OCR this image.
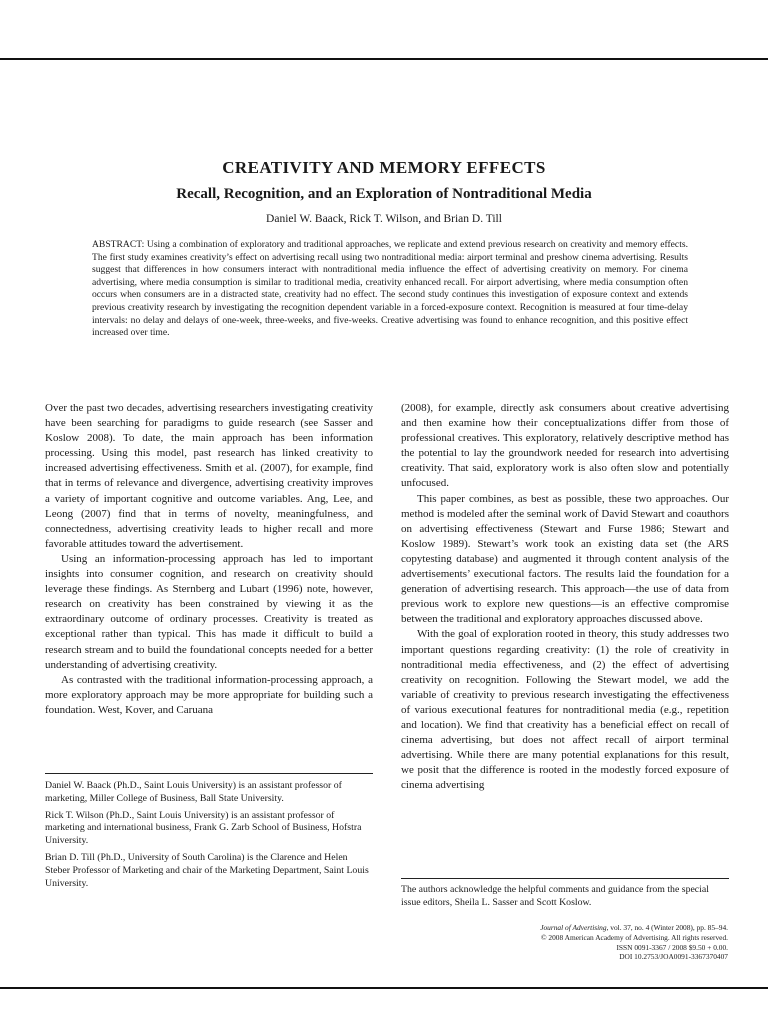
CREATIVITY AND MEMORY EFFECTS
Recall, Recognition, and an Exploration of Nontraditional Media
Daniel W. Baack, Rick T. Wilson, and Brian D. Till

ABSTRACT: Using a combination of exploratory and traditional approaches, we replicate and extend previous research on creativity and memory effects. The first study examines creativity’s effect on advertising recall using two nontraditional media: airport terminal and preshow cinema advertising. Results suggest that differences in how consumers interact with nontraditional media influence the effect of advertising creativity on memory. For cinema advertising, where media consumption is similar to traditional media, creativity enhanced recall. For airport advertising, where media consumption often occurs when consumers are in a distracted state, creativity had no effect. The second study continues this investigation of exposure context and extends previous creativity research by investigating the recognition dependent variable in a forced-exposure context. Recognition is measured at four time-delay intervals: no delay and delays of one-week, three-weeks, and five-weeks. Creative advertising was found to enhance recognition, and this positive effect increased over time.

Over the past two decades, advertising researchers investigating creativity have been searching for paradigms to guide research (see Sasser and Koslow 2008). To date, the main approach has been information processing. Using this model, past research has linked creativity to increased advertising effectiveness. Smith et al. (2007), for example, find that in terms of relevance and divergence, advertising creativity improves a variety of important cognitive and outcome variables. Ang, Lee, and Leong (2007) find that in terms of novelty, meaningfulness, and connectedness, advertising creativity leads to higher recall and more favorable attitudes toward the advertisement.

Using an information-processing approach has led to important insights into consumer cognition, and research on creativity should leverage these findings. As Sternberg and Lubart (1996) note, however, research on creativity has been constrained by viewing it as the extraordinary outcome of ordinary processes. Creativity is treated as exceptional rather than typical. This has made it difficult to build a research stream and to build the foundational concepts needed for a better understanding of advertising creativity.

As contrasted with the traditional information-processing approach, a more exploratory approach may be more appropriate for building such a foundation. West, Kover, and Caruana

(2008), for example, directly ask consumers about creative advertising and then examine how their conceptualizations differ from those of professional creatives. This exploratory, relatively descriptive method has the potential to lay the groundwork needed for research into advertising creativity. That said, exploratory work is also often slow and potentially unfocused.

This paper combines, as best as possible, these two approaches. Our method is modeled after the seminal work of David Stewart and coauthors on advertising effectiveness (Stewart and Furse 1986; Stewart and Koslow 1989). Stewart’s work took an existing data set (the ARS copytesting database) and augmented it through content analysis of the advertisements’ executional factors. The results laid the foundation for a generation of advertising research. This approach—the use of data from previous work to explore new questions—is an effective compromise between the traditional and exploratory approaches discussed above.

With the goal of exploration rooted in theory, this study addresses two important questions regarding creativity: (1) the role of creativity in nontraditional media effectiveness, and (2) the effect of advertising creativity on recognition. Following the Stewart model, we add the variable of creativity to previous research investigating the effectiveness of various executional features for nontraditional media (e.g., repetition and location). We find that creativity has a beneficial effect on recall of cinema advertising, but does not affect recall of airport terminal advertising. While there are many potential explanations for this result, we posit that the difference is rooted in the modestly forced exposure of cinema advertising

Daniel W. Baack (Ph.D., Saint Louis University) is an assistant professor of marketing, Miller College of Business, Ball State University.

Rick T. Wilson (Ph.D., Saint Louis University) is an assistant professor of marketing and international business, Frank G. Zarb School of Business, Hofstra University.

Brian D. Till (Ph.D., University of South Carolina) is the Clarence and Helen Steber Professor of Marketing and chair of the Marketing Department, Saint Louis University.

The authors acknowledge the helpful comments and guidance from the special issue editors, Sheila L. Sasser and Scott Koslow.

Journal of Advertising, vol. 37, no. 4 (Winter 2008), pp. 85–94.
© 2008 American Academy of Advertising. All rights reserved.
ISSN 0091-3367 / 2008 $9.50 + 0.00.
DOI 10.2753/JOA0091-3367370407
